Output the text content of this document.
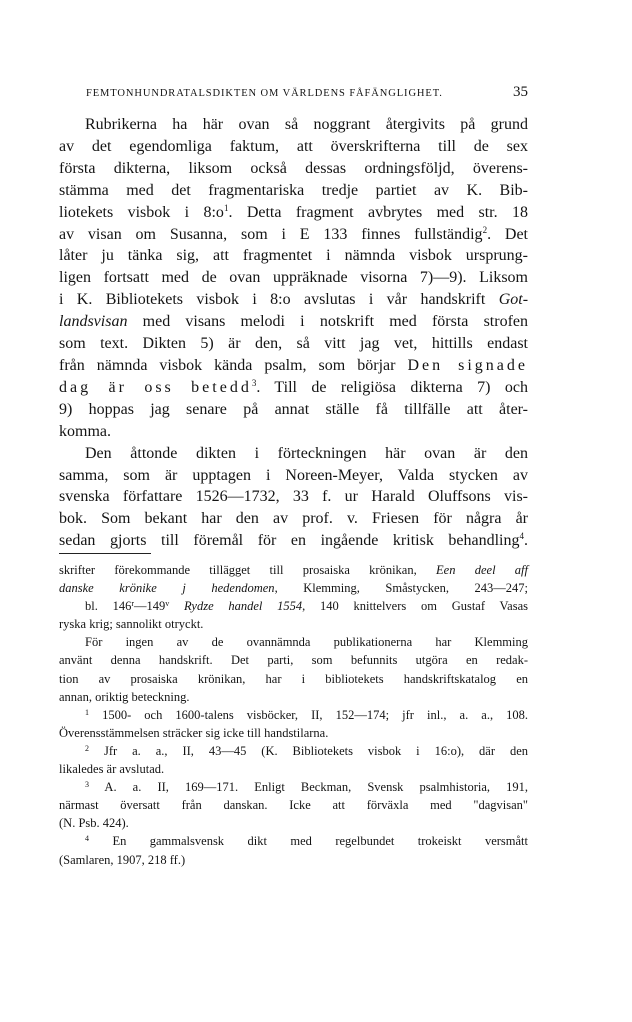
FEMTONHUNDRATALSDIKTEN OM VÄRLDENS FÅFÄNGLIGHET.	35
Rubrikerna ha här ovan så noggrant återgivits på grund
av det egendomliga faktum, att överskrifterna till de sex
första dikterna, liksom också dessas ordningsföljd, överens-
stämma med det fragmentariska tredje partiet av K. Bib-
liotekets visbok i $8:o^1$. Detta fragment avbrytes med str. 18
av visan om Susanna, som i E 133 finnes fullständig$^2$. Det
låter ju tänka sig, att fragmentet i nämnda visbok ursprung-
ligen fortsatt med de ovan uppräknade visorna 7)—9). Liksom
i K. Bibliotekets visbok i 8:o avslutas i vår handskrift Got-
landsvisan med visans melodi i notskrift med första strofen
som text. Dikten 5) är den, så vitt jag vet, hittills endast
från nämnda visbok kända psalm, som börjar Den signade
dag är oss betedd$^3$. Till de religiösa dikterna 7) och
9) hoppas jag senare på annat ställe få tillfälle att åter-
komma.
Den åttonde dikten i förteckningen här ovan är den
samma, som är upptagen i Noreen-Meyer, Valda stycken av
svenska författare 1526—1732, 33 f. ur Harald Oluffsons vis-
bok. Som bekant har den av prof. v. Friesen för några år
sedan gjorts till föremål för en ingående kritisk behandling$^4$.
skrifter förekommande tillägget till prosaiska krönikan, Een deel aff
danske krönike j hedendomen, Klemming, Småstycken, 243—247;
bl. 146$^r$—149$^v$ Rydze handel 1554, 140 knittelvers om Gustaf Vasas
ryska krig; sannolikt otryckt.
För ingen av de ovannämnda publikationerna har Klemming
använt denna handskrift. Det parti, som befunnits utgöra en redak-
tion av prosaiska krönikan, har i bibliotekets handskriftskatalog en
annan, oriktig beteckning.
$^1$ 1500- och 1600-talens visböcker, II, 152—174; jfr inl., a. a., 108.
Överensstämmelsen sträcker sig icke till handstilarna.
$^2$ Jfr a. a., II, 43—45 (K. Bibliotekets visbok i 16:o), där den
likaledes är avslutad.
$^3$ A. a. II, 169—171. Enligt Beckman, Svensk psalmhistoria, 191,
närmast översatt från danskan. Icke att förväxla med "dagvisan"
(N. Psb. 424).
$^4$ En gammalsvensk dikt med regelbundet trokeiskt versmått
(Samlaren, 1907, 218 ff.)
